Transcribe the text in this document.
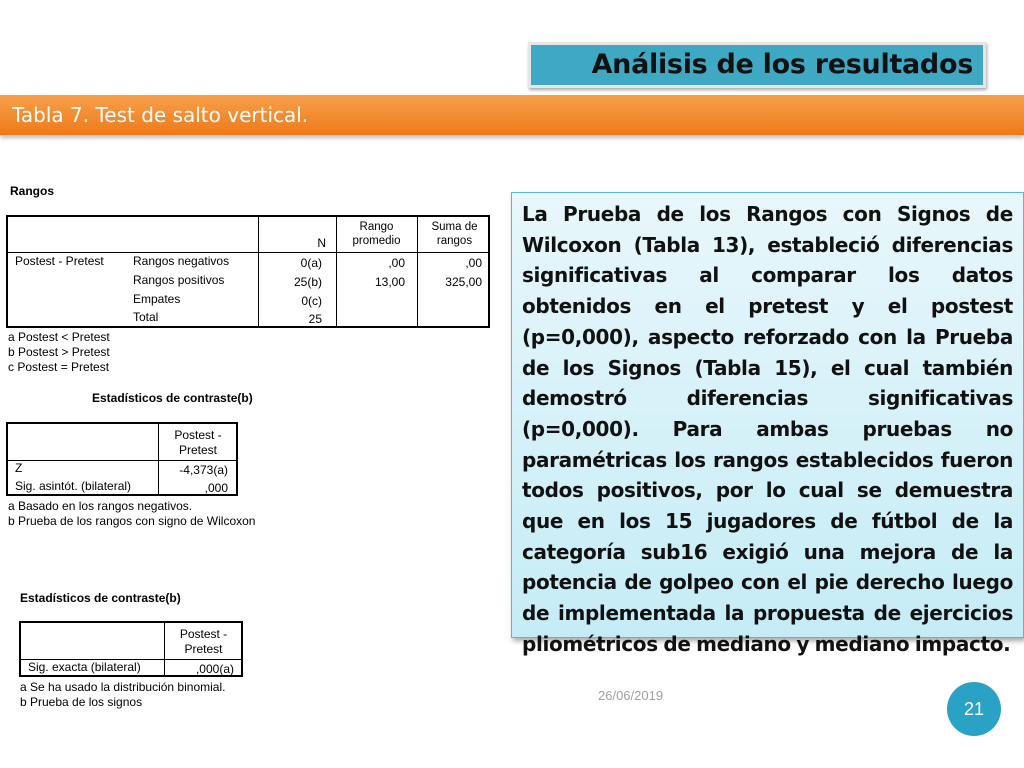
Análisis de los resultados
Tabla 7. Test de salto vertical.
Rangos
N
Rango
promedio
Suma de
rangos
Postest - Pretest Rangos negativos	0(a)	,00	,00
Rangos positivos	25(b)	13,00	325,00
Empates	0(c)
Total	25
a Postest < Pretest
b Postest > Pretest
c Postest = Pretest
Estadísticos de contraste(b)
Postest -
Pretest
Z	-4,373(a)
Sig. asintót. (bilateral)	,000
a Basado en los rangos negativos.
b Prueba de los rangos con signo de Wilcoxon
Estadísticos de contraste(b)
Postest -
Pretest
Sig. exacta (bilateral)	,000(a)
a Se ha usado la distribución binomial.
b Prueba de los signos
La Prueba de los Rangos con Signos de Wilcoxon (Tabla 13), estableció diferencias significativas al comparar los datos obtenidos en el pretest y el postest (p=0,000), aspecto reforzado con la Prueba de los Signos (Tabla 15), el cual también demostró diferencias significativas (p=0,000). Para ambas pruebas no paramétricas los rangos establecidos fueron todos positivos, por lo cual se demuestra que en los 15 jugadores de fútbol de la categoría sub16 exigió una mejora de la potencia de golpeo con el pie derecho luego de implementada la propuesta de ejercicios pliométricos de mediano y mediano impacto.
26/06/2019
21
